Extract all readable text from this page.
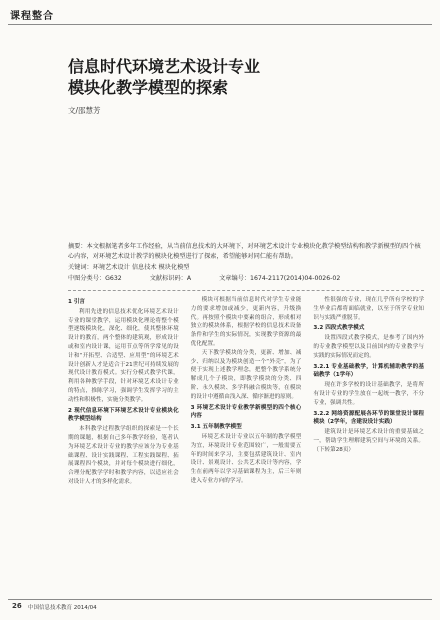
课程整合
信息时代环境艺术设计专业
模块化教学模型的探索
文/邵慧芳
摘要：本文根据笔者多年工作经验，从当前信息技术的大环境下，对环境艺术设计专业模块化教学模型结构和教学新模型的四个核心内容，对环境艺术设计教学的模块化模型进行了探索，希望能够对同仁能有帮助。
关键词：环境艺术设计 信息技术 模块化模型
中图分类号：G632	文献标识码：A	文章编号：1674-2117(2014)04-0026-02
1 引言

利用先进的信息技术优化环境艺术设计专业的课堂教学，运用模块化理论将整个模型逐级模块化，深化、细化，使其整体环境设计的教育，两个整体的建筑观，形成设计或和室内设计课，运用节点等所学常见的设计和“开拓型、合适型、应用型”的环境艺术设计创新人才是适合于21世纪可持续发展的现代设计教育模式。实行分模式教学代课，利用各种教学手段，针对环境艺术设计专业的特点，推陈学习，强调学生发挥学习的主动性和积极性，实施分类教学。

2 现代信息环境下环境艺术设计专业模块化教学模型结构

本科教学过程教学组织的探索是一个长期的课题，根据自己多年教学经验，笔者认为环境艺术设计专业的教学应该分为专业基础课程、设计实践课程、工程实践课程、拓展课程四个模块，并对每个模块进行细化，合理分配教学学时和教学内容，以适应社会对设计人才的多样化需求。

模块可根据当前信息时代对学生专业能力的要求增加或减少，更新内容，升级换代。再按照个模块中要素的组合，形成相对独立的模块体系，根据学校的信息技术设备条件和学生的实际情况，实现教学资源的最优化配置。

天下教学模块的分类，更新、增加、减少、归纳以及为模块创造一个“外壳”，为了便于实现上述教学理念，把整个教学系统分解成几个子模块，即教学模块的分类、四阶、永久模块、多学科融合模块等，在模块的设计中遵循由浅入深、循序渐进的原则。

3 环境艺术设计专业教学新模型的四个核心内容
3.1 五年制教学模型

环境艺术设计专业以五年制的教学模型为宜，环境设计专业范围较广，一般需要五年的时间来学习，主要包括建筑设计、室内设计、景观设计、公共艺术设计等内容，学生在前两年以学习基础课程为主，后三年则进入专业方向的学习。

性很强的专业，现在几乎所有学校的学生毕业后都将面临就业，以至于所学专业知识与实践严重脱节。

3.2 四段式教学模式

设置四段式教学模式，是参考了国内外的专业教学模型以及目前国内的专业教学与实践的实际情况而定的。

3.2.1 专业基础教学，计算机辅助教学的基础教学（1学年）

现在许多学校的设计基础教学，是将所有设计专业的学生放在一起统一教学，不分专业，强调共性。

3.2.2 网络资源配展各环节的课堂设计课程模块（2学年，含建设设计实践）

建筑设计是环境艺术设计的重要基础之一，帮助学生理解建筑空间与环境的关系。（下转第28页）

26 中国信息技术教育 2014/04
